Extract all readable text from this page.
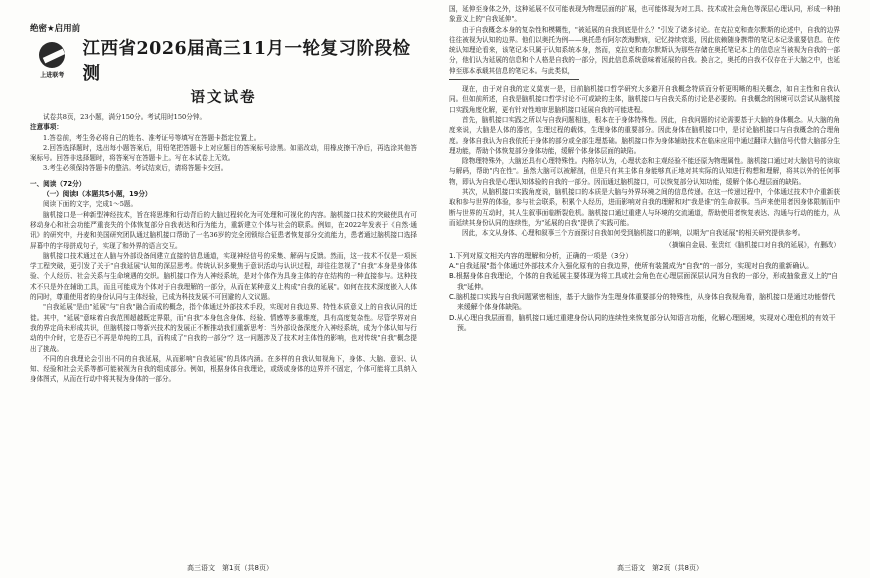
绝密★启用前
上进联考
江西省2026届高三11月一轮复习阶段检测
语文试卷

试卷共8页，23小题，满分150分。考试用时150分钟。

注意事项：

1.答卷前，考生务必将自己的姓名、准考证号等填写在答题卡指定位置上。

2.回答选择题时，选出每小题答案后，用铅笔把答题卡上对应题目的答案标号涂黑。如需改动，用橡皮擦干净后，再选涂其他答案标号。回答非选择题时，将答案写在答题卡上。写在本试卷上无效。

3.考生必须保持答题卡的整洁。考试结束后，请将答题卡交回。

一、阅读（72分）

（一）阅读Ⅰ（本题共5小题，19分）

阅读下面的文字，完成1～5题。

脑机接口是一种新型神经技术，旨在将思维和行动背后的大脑过程转化为可处理和可视化的内容。脑机接口技术的突破使具有可移动身心和社会功能严重丧失的个体恢复部分自我表达和行为能力，重新建立个体与社会的联系。例如，在2022年发表于《自然·通讯》的研究中，丹麦和美国研究团队通过脑机接口帮助了一名36岁的完全闭锁综合征患者恢复部分交流能力，患者通过脑机接口选择屏幕中的字母拼成句子，实现了和外界的语言交互。

脑机接口技术通过在人脑与外部设备间建立直接的信息通道，实现神经信号的采集、解码与反馈。然而，这一技术不仅是一项医学工程突破，更引发了关于"自我延展"认知的深层思考。传统认识多聚焦于意识活动与认识过程，却往往忽视了"自我"本身是身体体验、个人经历、社会关系与生命境遇的交织。脑机接口作为人神经系统，是对个体作为具身主体的存在结构的一种直接参与。这种技术不只是外在辅助工具，而且可能成为个体对于自我理解的一部分，从而在某种意义上构成"自我的延展"。如何在技术深度嵌入人体的同时，尊重使用者的身份认同与主体经验，已成为科技发展不可回避的人文议题。

"自我延展"是由"延展"与"自我"融合而成的概念，指个体通过外部技术手段，实现对自我边界、特性本质意义上的自我认同的迁徙。其中，"延展"意味着自我范围超越既定界限，而"自我"本身包含身体、经验、情感等多重维度，具有高度复杂性。尽管学界对自我的界定尚未形成共识，但脑机接口等新兴技术的发展正不断推动我们重新思考：当外部设备深度介入神经系统，成为个体认知与行动的中介时，它是否已不再是单纯的工具，而构成了"自我的一部分"？这一问题涉及了技术对主体性的影响，也对传统"自我"概念提出了挑战。

不同的自我理论会引出不同的自我延展，从而影响"自我延展"的具体内涵。在多样的自我认知视角下，身体、大脑、意识、认知、经验和社会关系等都可能被视为自我的组成部分。例如，根据身体自我理论，或级或身体的边界并不固定，个体可能将工具纳入身体图式，从而在行动中将其视为身体的一部分。

国，延伸至身体之外，这种延展不仅可能表现为物理层面的扩展，也可能体现为对工具、技术或社会角色等深层心理认同，形成一种抽象意义上的"自我延伸"。

由于自我概念本身的复杂性和模糊性，"被延展的自我到底是什么？"引发了诸多讨论。在克拉克和查尔默斯的论述中，自我的边界往往被视为认知的边界。他们以奥托为例——奥托患有阿尔茨海默病，记忆持续衰退，因此依赖随身携带的笔记本记录重要信息。在传统认知理论看来，该笔记本只属于认知系统本身，然而，克拉克和查尔默斯认为那些存储在奥托笔记本上的信息应当被视为自我的一部分，他们认为延展的信息和个人格是自我的一部分，因此信息系统意味着延展的自我。换言之，奥托的自我不仅存在于大脑之中，也延伸至那本承载其信息的笔记本。与此类似，

现在，由于对自我的定义莫衷一是，目前脑机接口哲学研究大多避开自我概念特质而分析更明晰的相关概念，如自主性和自我认同。但如前所述，自我是脑机接口哲学讨论不可或缺的主体，脑机接口与自我关系的讨论是必要的。自我概念的困境可以尝试从脑机接口实践角度化解，更有针对性地审思脑机接口延展自我的可能进程。

首先，脑机接口实践之所以与自我问题相连，根本在于身体特殊性。因此，自我问题的讨论需要基于大脑的身体概念。从大脑的角度来说，大脑是人体的器官，生理过程的载体，生理身体的重要部分。因此身体在脑机接口中，是讨论脑机接口与自我概念的合理角度。身体自我认为自我依托于身体的部分或全部生理基础。脑机接口作为身体辅助技术在临床应用中通过翻译大脑信号代替大脑部分生理功能，帮助个体恢复部分身体功能，缓解个体身体层面的缺陷。

除物理特殊外，大脑还具有心理特殊性。内格尔认为，心理状态和主观经验不能还原为物理属性。脑机接口通过对大脑信号的读取与解码，帮助"内在性"。虽然大脑可以被解剖，但是只有其主体自身能够真正地对其实际的认知进行构想和理解，将其以外的任何事物，即认为自我是心理认知体验的自我的一部分。因而通过脑机接口，可以恢复部分认知功能，缓解个体心理层面的缺陷。

其次，从脑机接口实践角度说，脑机接口的本质是大脑与外界环境之间的信息传递。在这一传递过程中，个体通过技术中介重新获取和参与世界的体验，参与社会联系，积累个人经历，进而影响对自我的理解和对"我是谁"的生命叙事。当声来使用者因身体限制而中断与世界的互动时，其人生叙事面临断裂危机。脑机接口通过重建人与环境的交流通道，帮助使用者恢复表达、沟通与行动的能力，从而延续其身份认同的连续性，为"延展的自我"提供了实践可能。

因此，本文从身体、心理和叙事三个方面探讨自我如何受到脑机接口的影响，以期为"自我延展"的相关研究提供参考。

（摘编自金晨、张贵红《脑机接口对自我的延展》，有删改）

1.下列对原文相关内容的理解和分析，正确的一项是（3分）

A."自我延展"指个体通过外部技术介入强化原有的自我边界，使所有装置成为"自我"的一部分，实现对自我的重新确认。

B.根据身体自我理论，个体的自我延展主要体现为将工具或社会角色在心理层面深层认同为自我的一部分，形成抽象意义上的"自我"延伸。

C.脑机接口实践与自我问题紧密相连，基于大脑作为生理身体重要部分的特殊性，从身体自我视角看，脑机接口是通过功能替代来缓解个体身体缺陷。

D.从心理自我层面看，脑机接口通过重建身份认同的连续性来恢复部分认知语言功能，化解心理困境，实现对心理危机的有效干预。

高三语文　第1页（共8页）	高三语文　第2页（共8页）
